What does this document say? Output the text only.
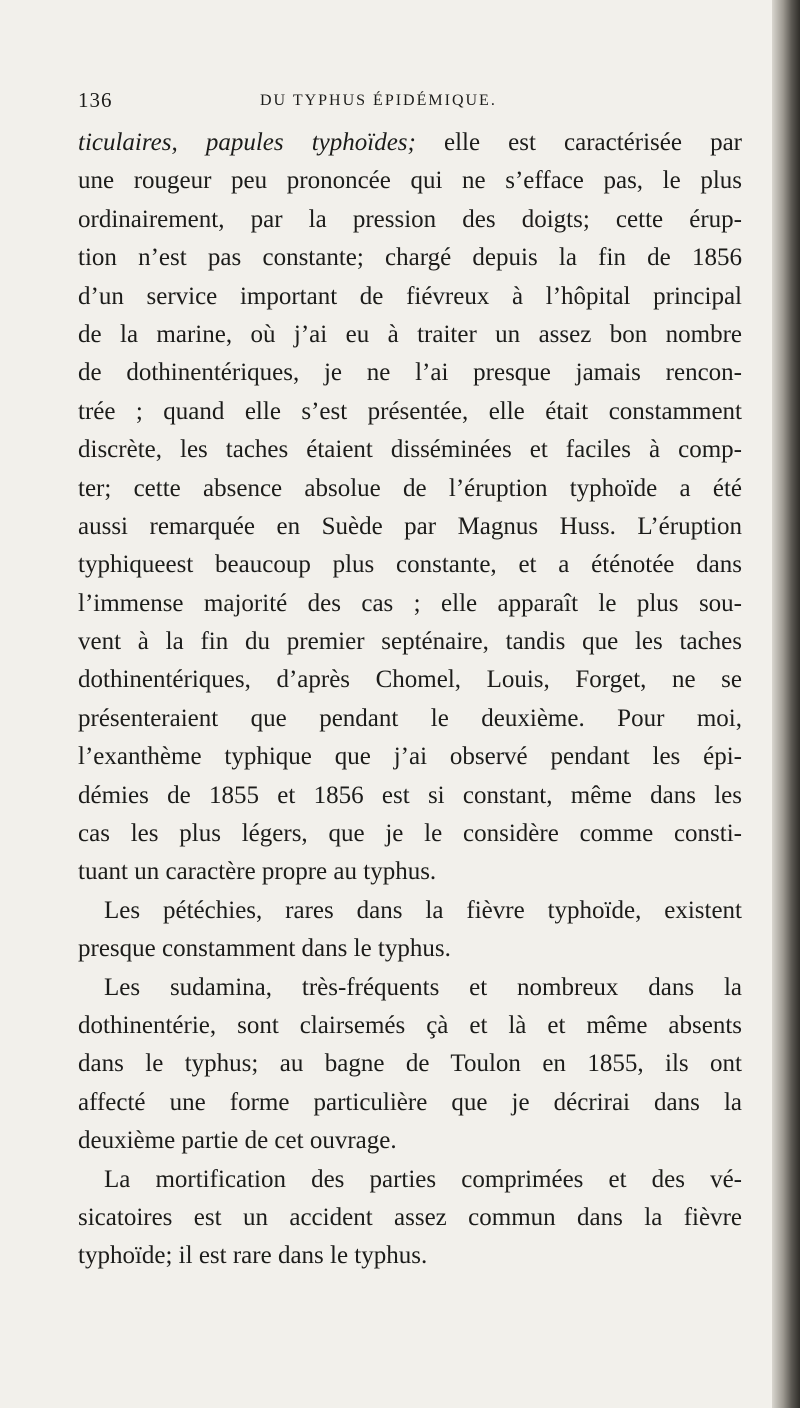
136	DU TYPHUS ÉPIDÉMIQUE.
ticulaires, papules typhoïdes; elle est caractérisée par
une rougeur peu prononcée qui ne s’efface pas, le plus
ordinairement, par la pression des doigts; cette érup-
tion n’est pas constante; chargé depuis la fin de 1856
d’un service important de fiévreux à l’hôpital principal
de la marine, où j’ai eu à traiter un assez bon nombre
de dothinentériques, je ne l’ai presque jamais rencon-
trée ; quand elle s’est présentée, elle était constamment
discrète, les taches étaient disséminées et faciles à comp-
ter; cette absence absolue de l’éruption typhoïde a été
aussi remarquée en Suède par Magnus Huss. L’éruption
typhiqueest beaucoup plus constante, et a éténotée dans
l’immense majorité des cas ; elle apparaît le plus sou-
vent à la fin du premier septénaire, tandis que les taches
dothinentériques, d’après Chomel, Louis, Forget, ne se
présenteraient que pendant le deuxième. Pour moi,
l’exanthème typhique que j’ai observé pendant les épi-
démies de 1855 et 1856 est si constant, même dans les
cas les plus légers, que je le considère comme consti-
tuant un caractère propre au typhus.
Les pétéchies, rares dans la fièvre typhoïde, existent
presque constamment dans le typhus.
Les sudamina, très-fréquents et nombreux dans la
dothinentérie, sont clairsemés çà et là et même absents
dans le typhus; au bagne de Toulon en 1855, ils ont
affecté une forme particulière que je décrirai dans la
deuxième partie de cet ouvrage.
La mortification des parties comprimées et des vé-
sicatoires est un accident assez commun dans la fièvre
typhoïde; il est rare dans le typhus.
